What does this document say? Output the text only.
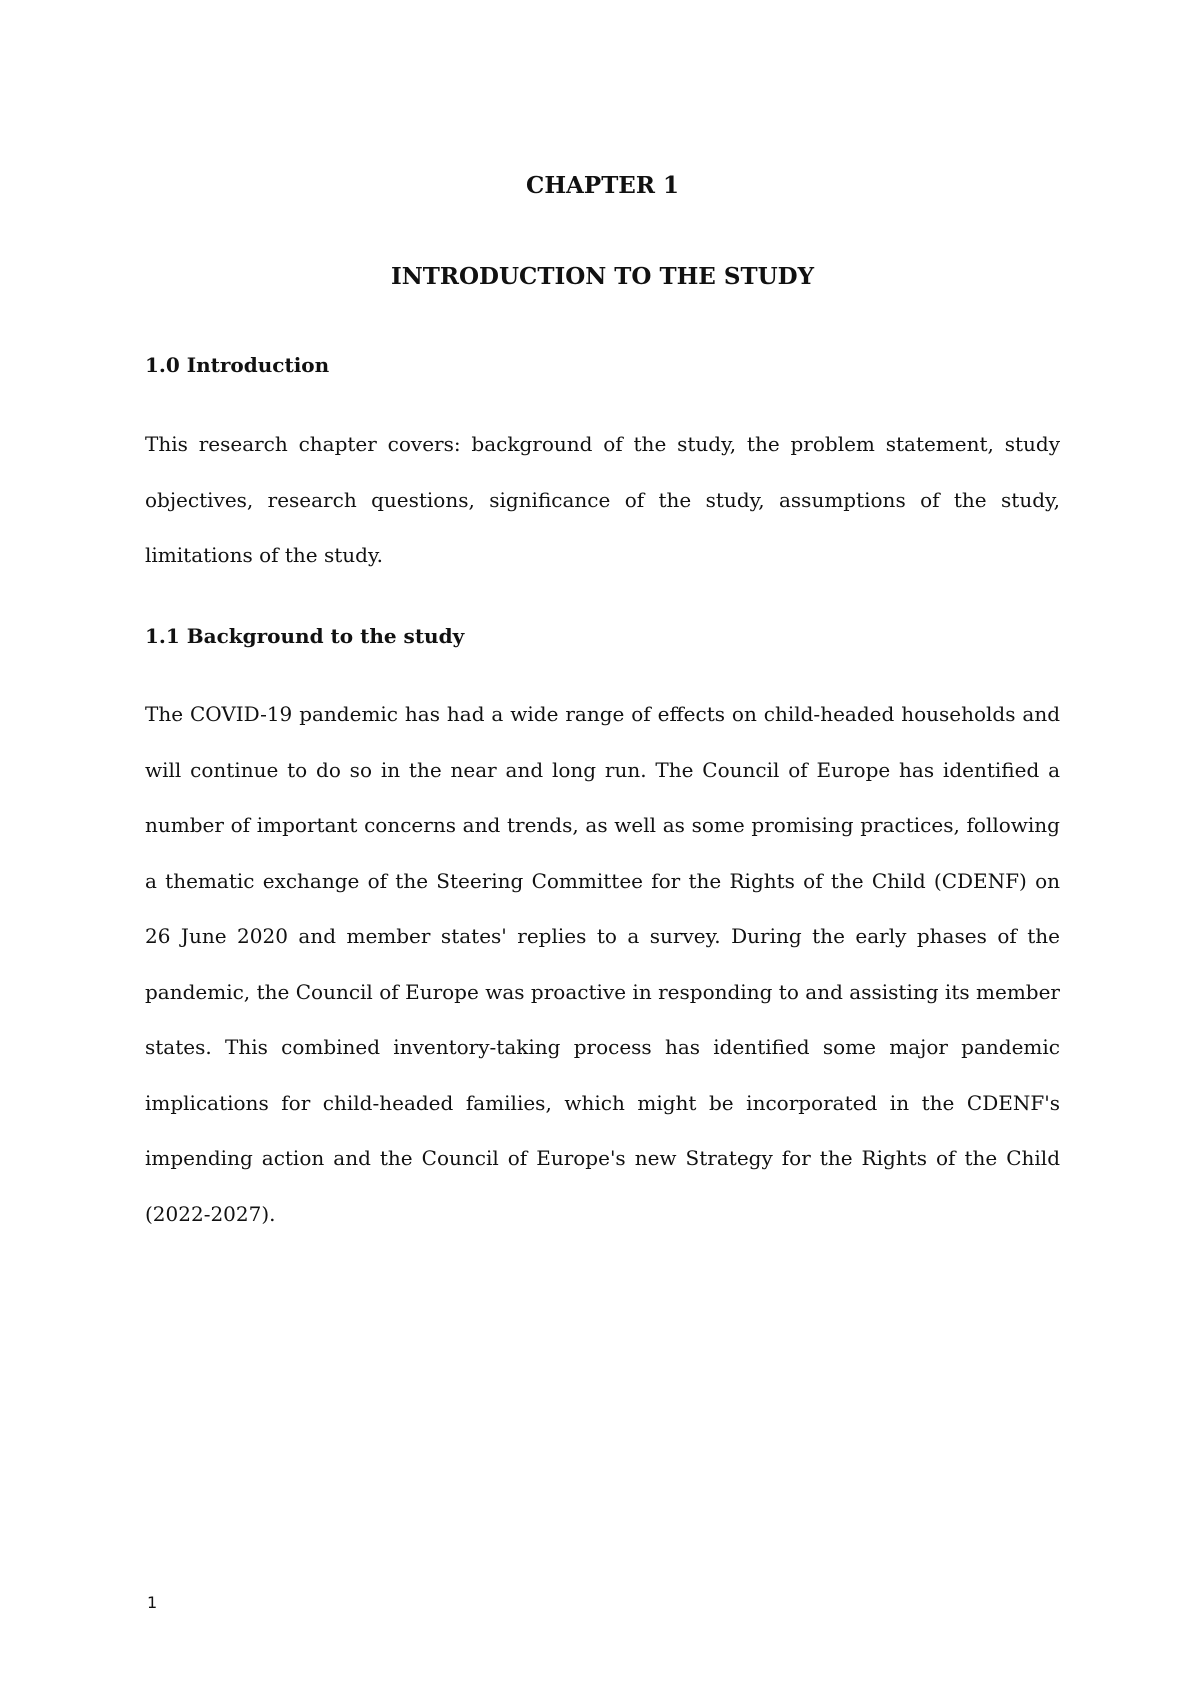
CHAPTER 1
INTRODUCTION TO THE STUDY
1.0 Introduction

This research chapter covers: background of the study, the problem statement, study objectives, research questions, significance of the study, assumptions of the study, limitations of the study.

1.1 Background to the study

The COVID-19 pandemic has had a wide range of effects on child-headed households and will continue to do so in the near and long run. The Council of Europe has identified a number of important concerns and trends, as well as some promising practices, following a thematic exchange of the Steering Committee for the Rights of the Child (CDENF) on 26 June 2020 and member states' replies to a survey. During the early phases of the pandemic, the Council of Europe was proactive in responding to and assisting its member states. This combined inventory-taking process has identified some major pandemic implications for child-headed families, which might be incorporated in the CDENF's impending action and the Council of Europe's new Strategy for the Rights of the Child (2022-2027).

1
